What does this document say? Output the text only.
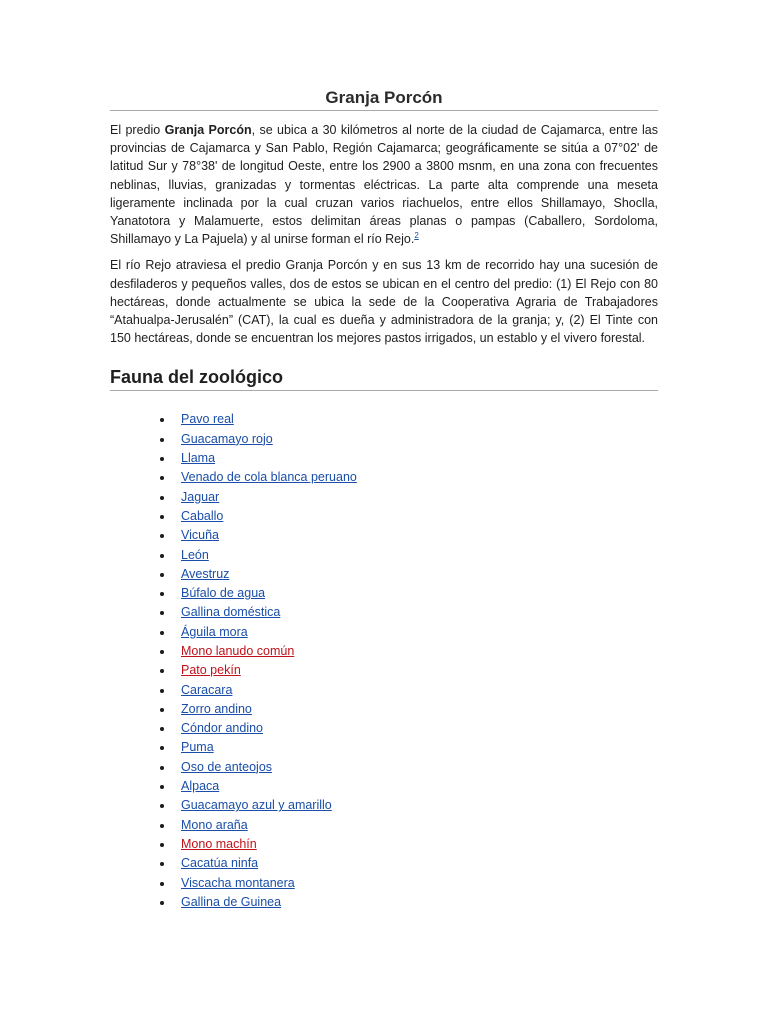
Granja Porcón

El predio Granja Porcón, se ubica a 30 kilómetros al norte de la ciudad de Cajamarca, entre las provincias de Cajamarca y San Pablo, Región Cajamarca; geográficamente se sitúa a 07°02' de latitud Sur y 78°38' de longitud Oeste, entre los 2900 a 3800 msnm, en una zona con frecuentes neblinas, lluvias, granizadas y tormentas eléctricas. La parte alta comprende una meseta ligeramente inclinada por la cual cruzan varios riachuelos, entre ellos Shillamayo, Shoclla, Yanatotora y Malamuerte, estos delimitan áreas planas o pampas (Caballero, Sordoloma, Shillamayo y La Pajuela) y al unirse forman el río Rejo.$^2$

El río Rejo atraviesa el predio Granja Porcón y en sus 13 km de recorrido hay una sucesión de desfiladeros y pequeños valles, dos de estos se ubican en el centro del predio: (1) El Rejo con 80 hectáreas, donde actualmente se ubica la sede de la Cooperativa Agraria de Trabajadores “Atahualpa-Jerusalén” (CAT), la cual es dueña y administradora de la granja; y, (2) El Tinte con 150 hectáreas, donde se encuentran los mejores pastos irrigados, un establo y el vivero forestal.

Fauna del zoológico
Pavo real
Guacamayo rojo
Llama
Venado de cola blanca peruano
Jaguar
Caballo
Vicuña
León
Avestruz
Búfalo de agua
Gallina doméstica
Águila mora
Mono lanudo común
Pato pekín
Caracara
Zorro andino
Cóndor andino
Puma
Oso de anteojos
Alpaca
Guacamayo azul y amarillo
Mono araña
Mono machín
Cacatúa ninfa
Viscacha montanera
Gallina de Guinea
